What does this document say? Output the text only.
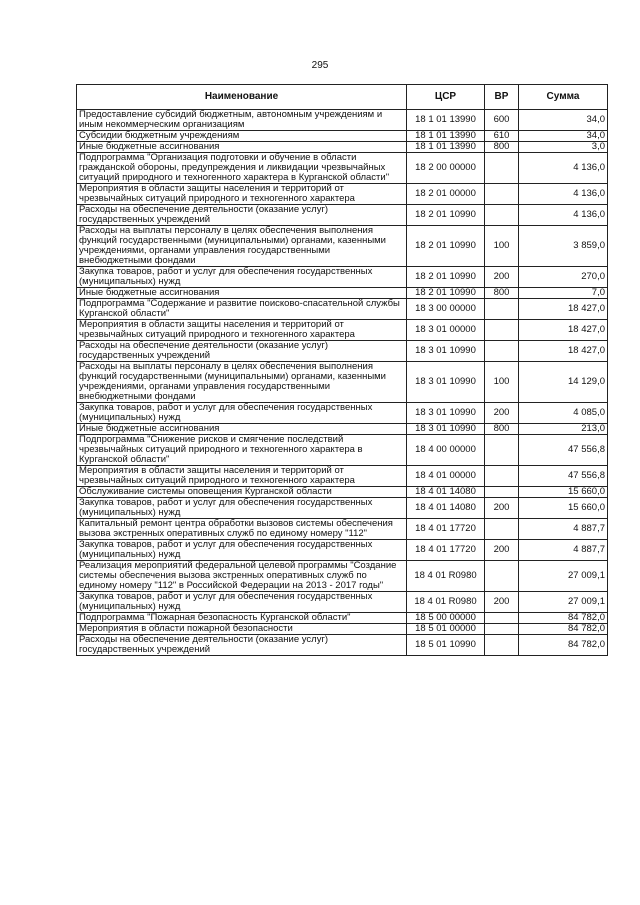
295
Наименование	ЦСР	ВР	Сумма
Предоставление субсидий бюджетным, автономным учреждениям и иным некоммерческим организациям	18 1 01 13990	600	34,0
Субсидии бюджетным учреждениям	18 1 01 13990	610	34,0
Иные бюджетные ассигнования	18 1 01 13990	800	3,0
Подпрограмма "Организация подготовки и обучение в области гражданской обороны, предупреждения и ликвидации чрезвычайных ситуаций природного и техногенного характера в Курганской области"	18 2 00 00000		4 136,0
Мероприятия в области защиты населения и территорий от чрезвычайных ситуаций природного и техногенного характера	18 2 01 00000		4 136,0
Расходы на обеспечение деятельности (оказание услуг) государственных учреждений	18 2 01 10990		4 136,0
Расходы на выплаты персоналу в целях обеспечения выполнения функций государственными (муниципальными) органами, казенными учреждениями, органами управления государственными внебюджетными фондами	18 2 01 10990	100	3 859,0
Закупка товаров, работ и услуг для обеспечения государственных (муниципальных) нужд	18 2 01 10990	200	270,0
Иные бюджетные ассигнования	18 2 01 10990	800	7,0
Подпрограмма "Содержание и развитие поисково-спасательной службы Курганской области"	18 3 00 00000		18 427,0
Мероприятия в области защиты населения и территорий от чрезвычайных ситуаций природного и техногенного характера	18 3 01 00000		18 427,0
Расходы на обеспечение деятельности (оказание услуг) государственных учреждений	18 3 01 10990		18 427,0
Расходы на выплаты персоналу в целях обеспечения выполнения функций государственными (муниципальными) органами, казенными учреждениями, органами управления государственными внебюджетными фондами	18 3 01 10990	100	14 129,0
Закупка товаров, работ и услуг для обеспечения государственных (муниципальных) нужд	18 3 01 10990	200	4 085,0
Иные бюджетные ассигнования	18 3 01 10990	800	213,0
Подпрограмма "Снижение рисков и смягчение последствий чрезвычайных ситуаций природного и техногенного характера в Курганской области"	18 4 00 00000		47 556,8
Мероприятия в области защиты населения и территорий от чрезвычайных ситуаций природного и техногенного характера	18 4 01 00000		47 556,8
Обслуживание системы оповещения Курганской области	18 4 01 14080		15 660,0
Закупка товаров, работ и услуг для обеспечения государственных (муниципальных) нужд	18 4 01 14080	200	15 660,0
Капитальный ремонт центра обработки вызовов системы обеспечения вызова экстренных оперативных служб по единому номеру "112"	18 4 01 17720		4 887,7
Закупка товаров, работ и услуг для обеспечения государственных (муниципальных) нужд	18 4 01 17720	200	4 887,7
Реализация мероприятий федеральной целевой программы "Создание системы обеспечения вызова экстренных оперативных служб по единому номеру "112" в Российской Федерации на 2013 - 2017 годы"	18 4 01 R0980		27 009,1
Закупка товаров, работ и услуг для обеспечения государственных (муниципальных) нужд	18 4 01 R0980	200	27 009,1
Подпрограмма "Пожарная безопасность Курганской области"	18 5 00 00000		84 782,0
Мероприятия в области пожарной безопасности	18 5 01 00000		84 782,0
Расходы на обеспечение деятельности (оказание услуг) государственных учреждений	18 5 01 10990		84 782,0
